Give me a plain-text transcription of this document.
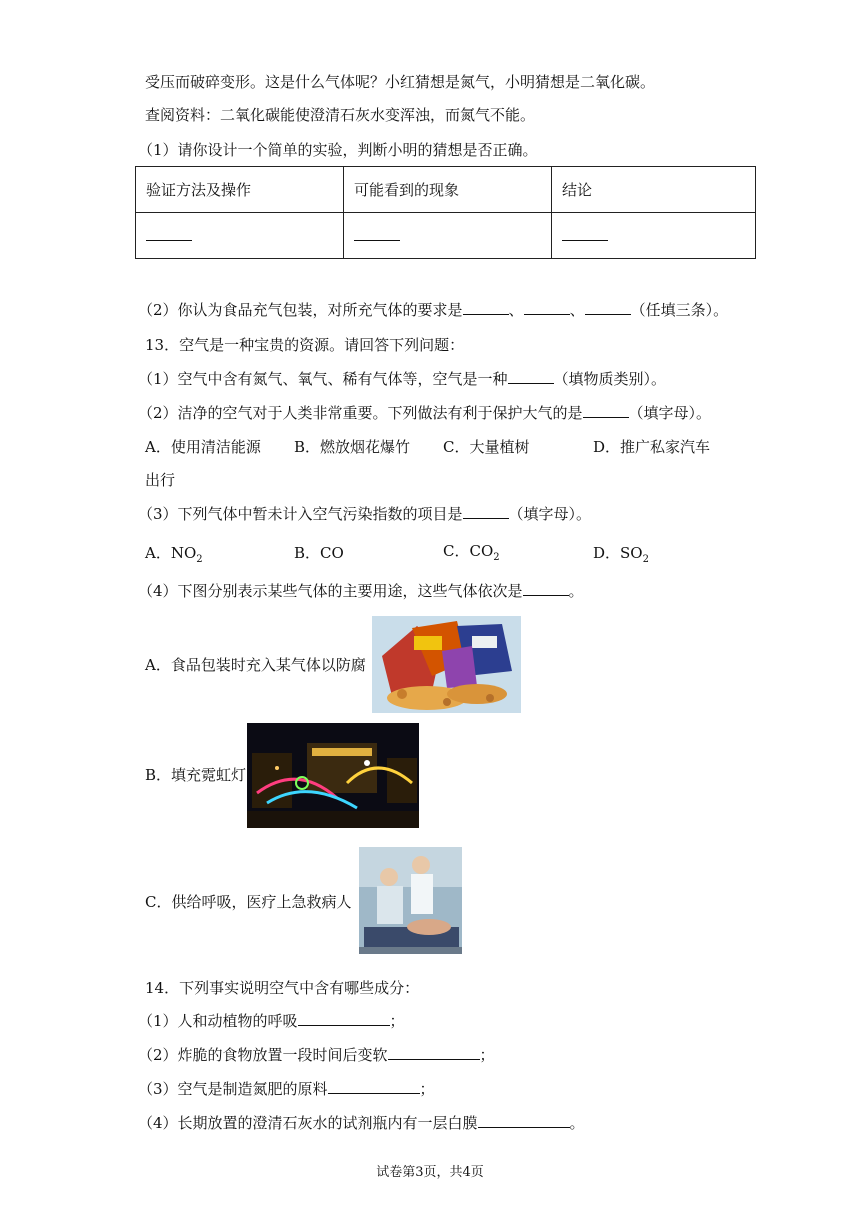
受压而破碎变形。这是什么气体呢？小红猜想是氮气，小明猜想是二氧化碳。
查阅资料：二氧化碳能使澄清石灰水变浑浊，而氮气不能。
（1）请你设计一个简单的实验，判断小明的猜想是否正确。
验证方法及操作	可能看到的现象	结论

（2）你认为食品充气包装，对所充气体的要求是	、	、	（任填三条）。
13．空气是一种宝贵的资源。请回答下列问题：
（1）空气中含有氮气、氧气、稀有气体等，空气是一种	（填物质类别）。
（2）洁净的空气对于人类非常重要。下列做法有利于保护大气的是	（填字母）。
A．使用清洁能源 B．燃放烟花爆竹 C．大量植树	D．推广私家汽车
出行
（3）下列气体中暂未计入空气污染指数的项目是	（填字母）。
A．$NO_2$	B．CO	C．$CO_2$	D．$SO_2$
（4）下图分别表示某些气体的主要用途，这些气体依次是	。
A．食品包装时充入某气体以防腐
B．填充霓虹灯
C．供给呼吸，医疗上急救病人
14．下列事实说明空气中含有哪些成分：
（1）人和动植物的呼吸	；
（2）炸脆的食物放置一段时间后变软	；
（3）空气是制造氮肥的原料	；
（4）长期放置的澄清石灰水的试剂瓶内有一层白膜	。
试卷第3页，共4页
